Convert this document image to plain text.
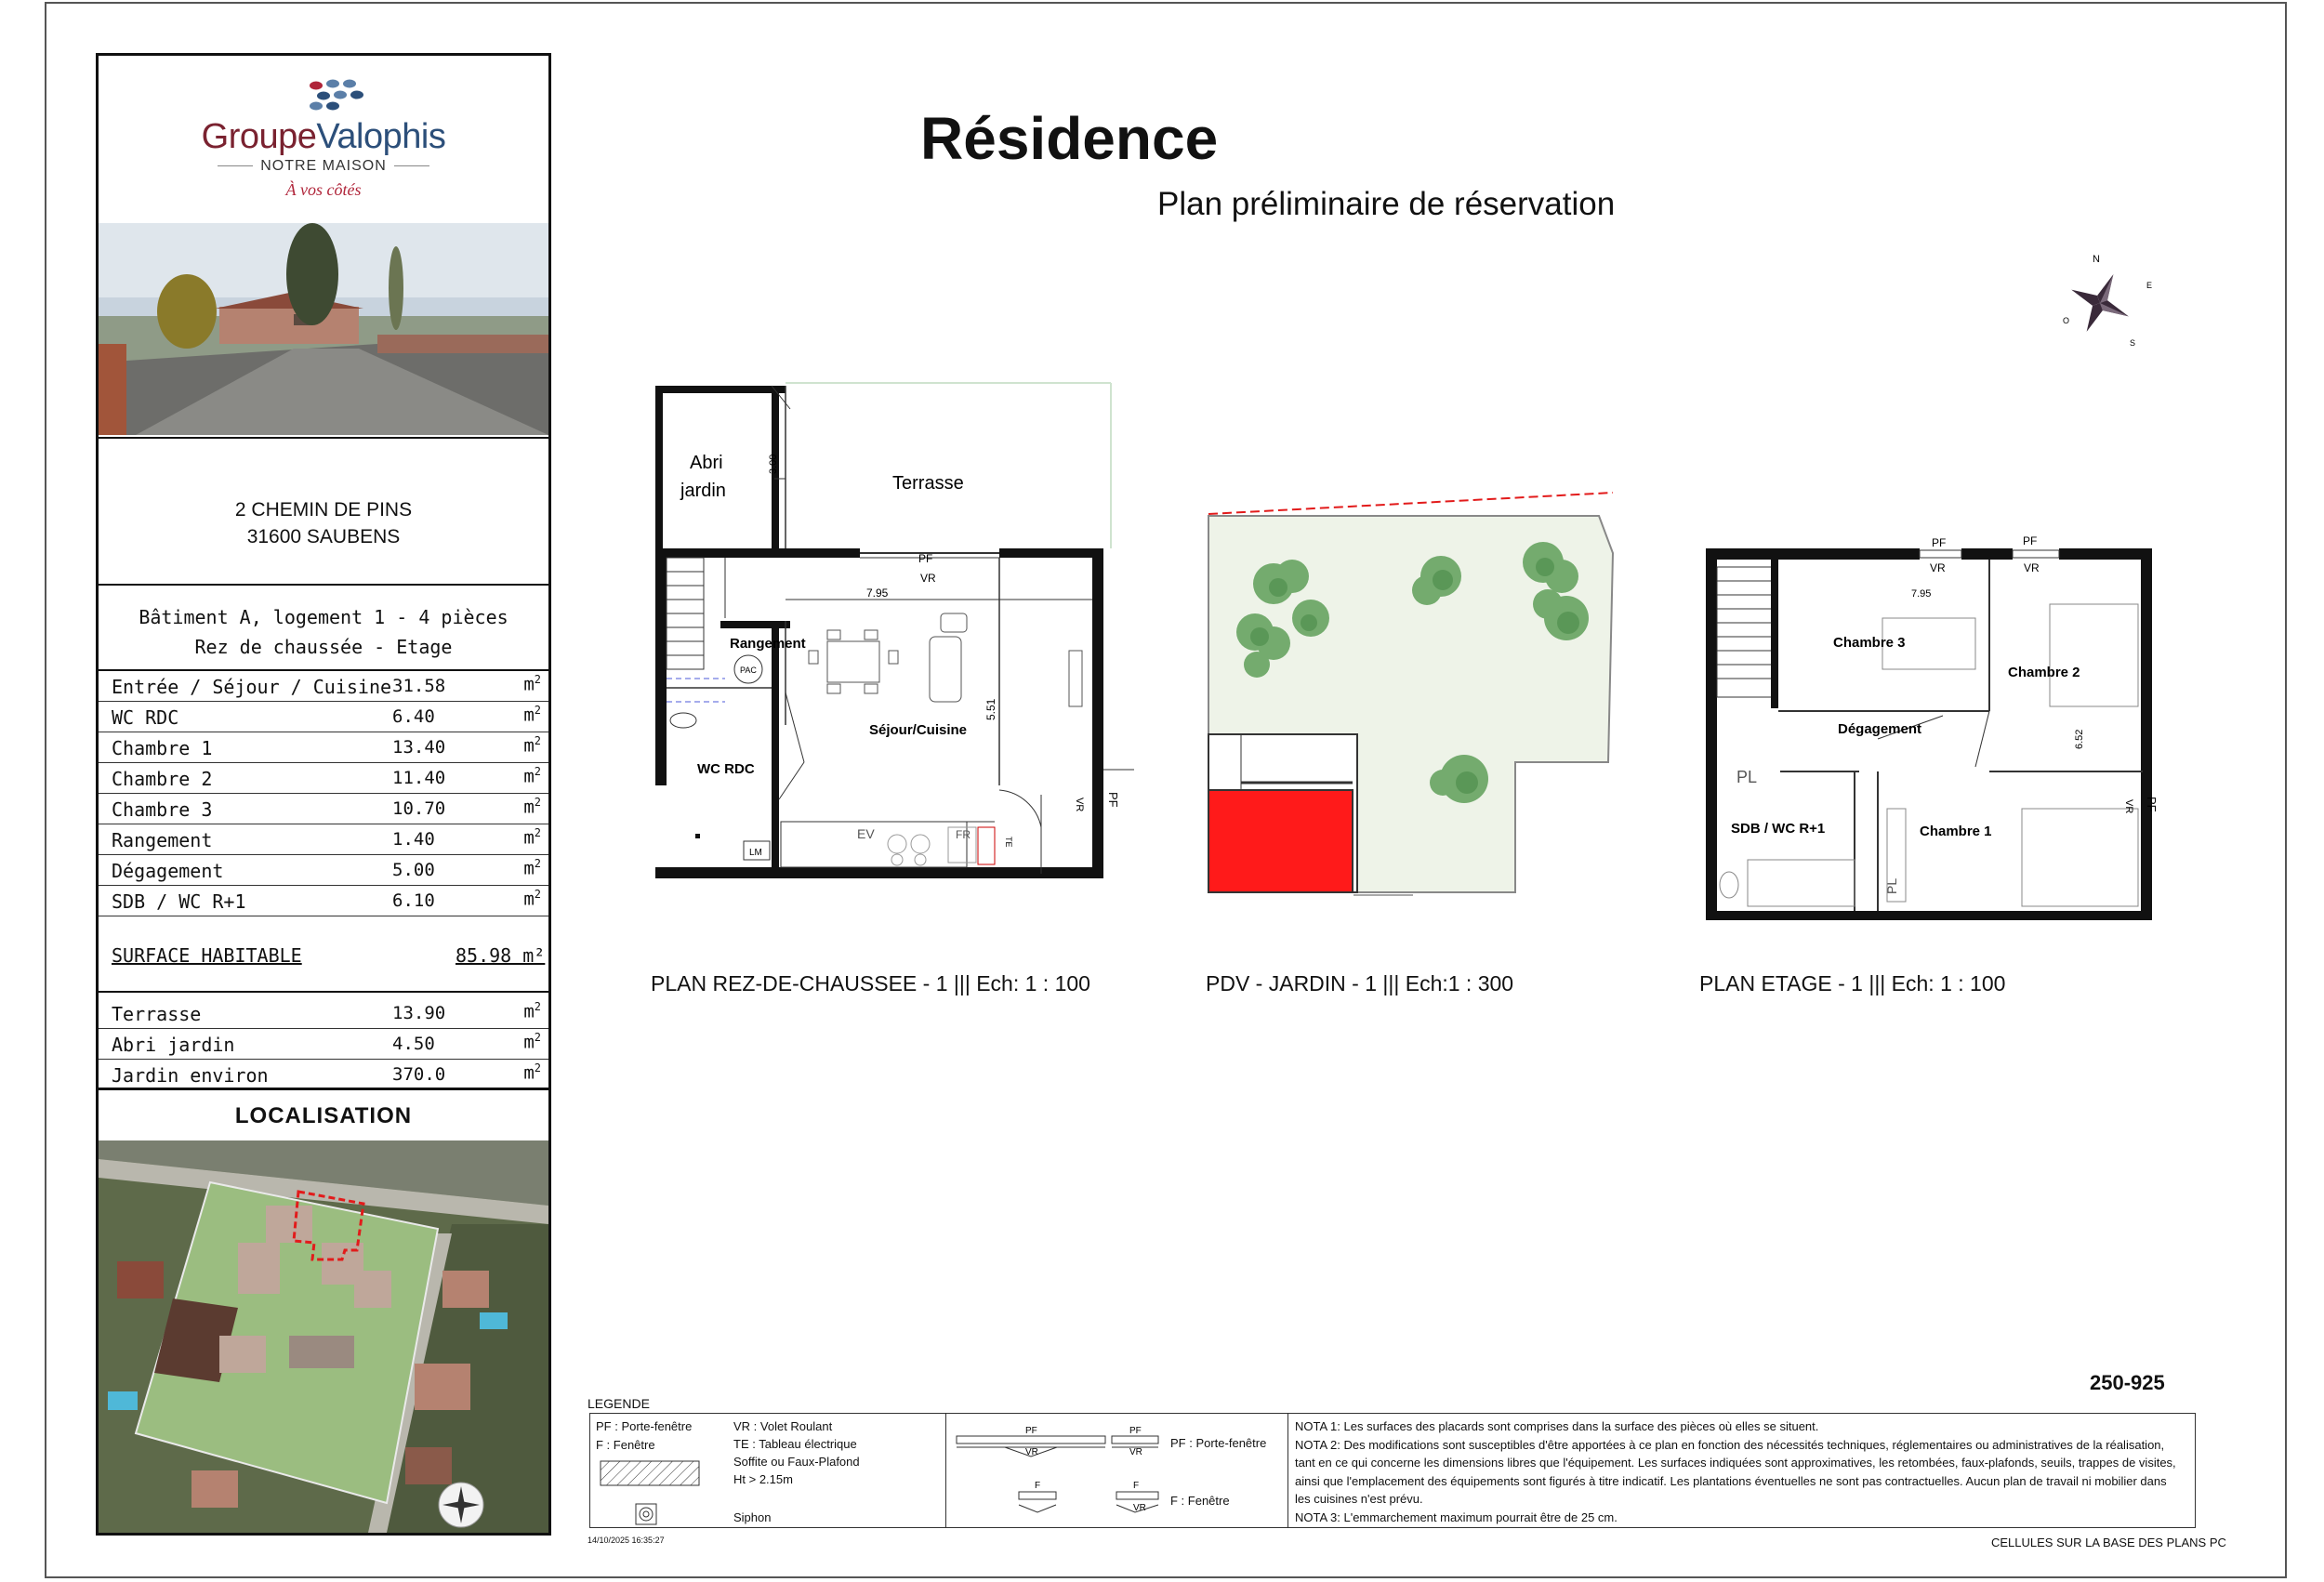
GroupeValophis
NOTRE MAISON
À vos côtés
2 CHEMIN DE PINS
31600 SAUBENS
Bâtiment A, logement 1 - 4 pièces
Rez de chaussée - Etage
Entrée / Séjour / Cuisine 31.58	$m^2$
WC RDC	6.40	$m^2$
Chambre 1	13.40	$m^2$
Chambre 2	11.40	$m^2$
Chambre 3	10.70	$m^2$
Rangement	1.40	$m^2$
Dégagement	5.00	$m^2$
SDB / WC R+1	6.10	$m^2$
SURFACE HABITABLE	85.98 m²
Terrasse	13.90	$m^2$
Abri jardin	4.50	$m^2$
Jardin environ	370.0	$m^2$
LOCALISATION
Résidence
Plan préliminaire de réservation
N
E
O
S
Abri
jardin	Terrasse
3.00
7.95
5.51
Rangement
PAC
Séjour/Cuisine
WC RDC
LM
EV	FR
TE
PF
VR
PF
VR
PLAN REZ-DE-CHAUSSEE - 1 ||| Ech: 1 : 100	PDV - JARDIN - 1 ||| Ech:1 : 300
PL
PL
Chambre 3
Chambre 2
Dégagement
SDB / WC R+1	Chambre 1
7.95
6.52
PF
VR
PF
VR
PF
VR
PLAN ETAGE - 1 ||| Ech: 1 : 100
250-925
LEGENDE
PF : Porte-fenêtre
F : Fenêtre
VR : Volet Roulant
TE : Tableau électrique
Soffite ou Faux-Plafond
Ht > 2.15m
Siphon
PF
VR
PF
VR
F	F
VR
PF : Porte-fenêtre
F : Fenêtre
NOTA 1: Les surfaces des placards sont comprises dans la surface des pièces où elles se situent.
NOTA 2: Des modifications sont susceptibles d'être apportées à ce plan en fonction des nécessités techniques, réglementaires ou administratives de la réalisation,
tant en ce qui concerne les dimensions libres que l'équipement. Les surfaces indiquées sont approximatives, les retombées, faux-plafonds, seuils, trappes de visites,
ainsi que l'emplacement des équipements sont figurés à titre indicatif. Les plantations éventuelles ne sont pas contractuelles. Aucun plan de travail ni mobilier dans
les cuisines n'est prévu.
NOTA 3: L'emmarchement maximum pourrait être de 25 cm.
14/10/2025 16:35:27	CELLULES SUR LA BASE DES PLANS PC
